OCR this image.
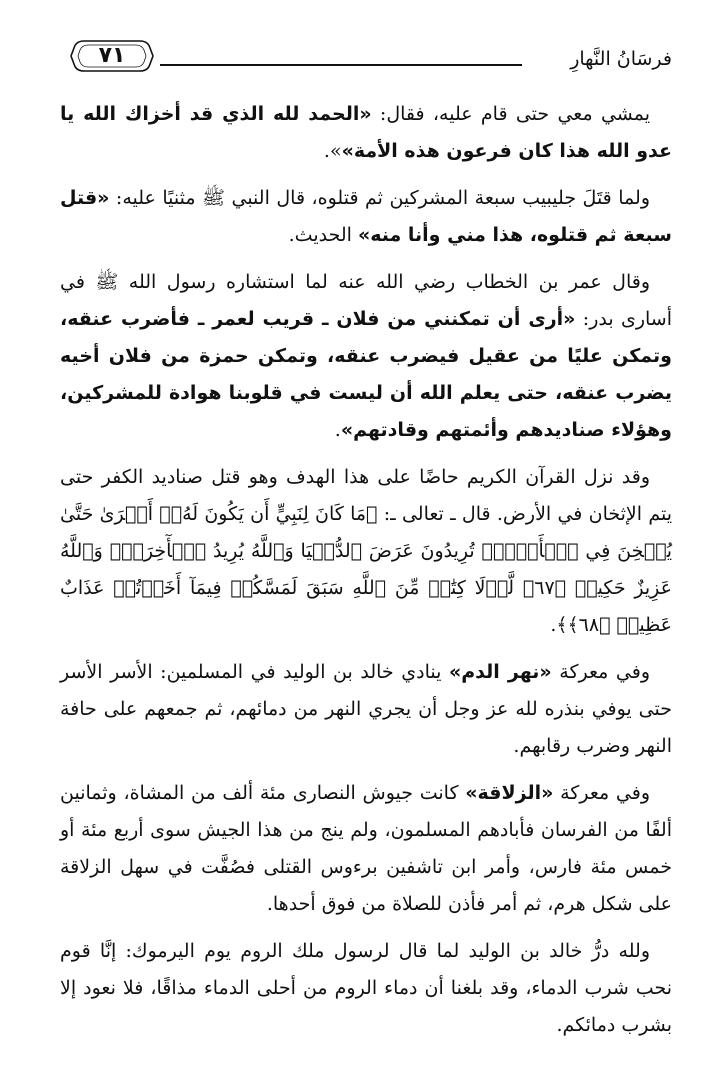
٧١	فرسَانُ النَّهارِ

يمشي معي حتى قام عليه، فقال: «الحمد لله الذي قد أخزاك الله يا عدو الله هذا كان فرعون هذه الأمة»».

ولما قتَلَ جليبيب سبعة المشركين ثم قتلوه، قال النبي ﷺ مثنيًا عليه: «قتل سبعة ثم قتلوه، هذا مني وأنا منه» الحديث.

وقال عمر بن الخطاب رضي الله عنه لما استشاره رسول الله ﷺ في أسارى بدر: «أرى أن تمكنني من فلان ـ قريب لعمر ـ فأضرب عنقه، وتمكن عليًا من عقيل فيضرب عنقه، وتمكن حمزة من فلان أخيه يضرب عنقه، حتى يعلم الله أن ليست في قلوبنا هوادة للمشركين، وهؤلاء صناديدهم وأئمتهم وقادتهم».

وقد نزل القرآن الكريم حاضًا على هذا الهدف وهو قتل صناديد الكفر حتى يتم الإثخان في الأرض. قال ـ تعالى ـ: ﴿مَا كَانَ لِنَبِيٍّ أَن يَكُونَ لَهُۥٓ أَسۡرَىٰ حَتَّىٰ يُثۡخِنَ فِي ٱلۡأَرۡضِۚ تُرِيدُونَ عَرَضَ ٱلدُّنۡيَا وَٱللَّهُ يُرِيدُ ٱلۡأٓخِرَةَۗ وَٱللَّهُ عَزِيزٌ حَكِيمٞ ﴿٦٧﴾ لَّوۡلَا كِتَٰبٞ مِّنَ ٱللَّهِ سَبَقَ لَمَسَّكُمۡ فِيمَآ أَخَذۡتُمۡ عَذَابٌ عَظِيمٞ ﴿٦٨﴾﴾.

وفي معركة «نهر الدم» ينادي خالد بن الوليد في المسلمين: الأسر الأسر حتى يوفي بنذره لله عز وجل أن يجري النهر من دمائهم، ثم جمعهم على حافة النهر وضرب رقابهم.

وفي معركة «الزلاقة» كانت جيوش النصارى مئة ألف من المشاة، وثمانين ألفًا من الفرسان فأبادهم المسلمون، ولم ينج من هذا الجيش سوى أربع مئة أو خمس مئة فارس، وأمر ابن تاشفين برءوس القتلى فصُفَّت في سهل الزلاقة على شكل هرم، ثم أمر فأذن للصلاة من فوق أحدها.

ولله درُّ خالد بن الوليد لما قال لرسول ملك الروم يوم اليرموك: إنَّا قوم نحب شرب الدماء، وقد بلغنا أن دماء الروم من أحلى الدماء مذاقًا، فلا نعود إلا بشرب دمائكم.
